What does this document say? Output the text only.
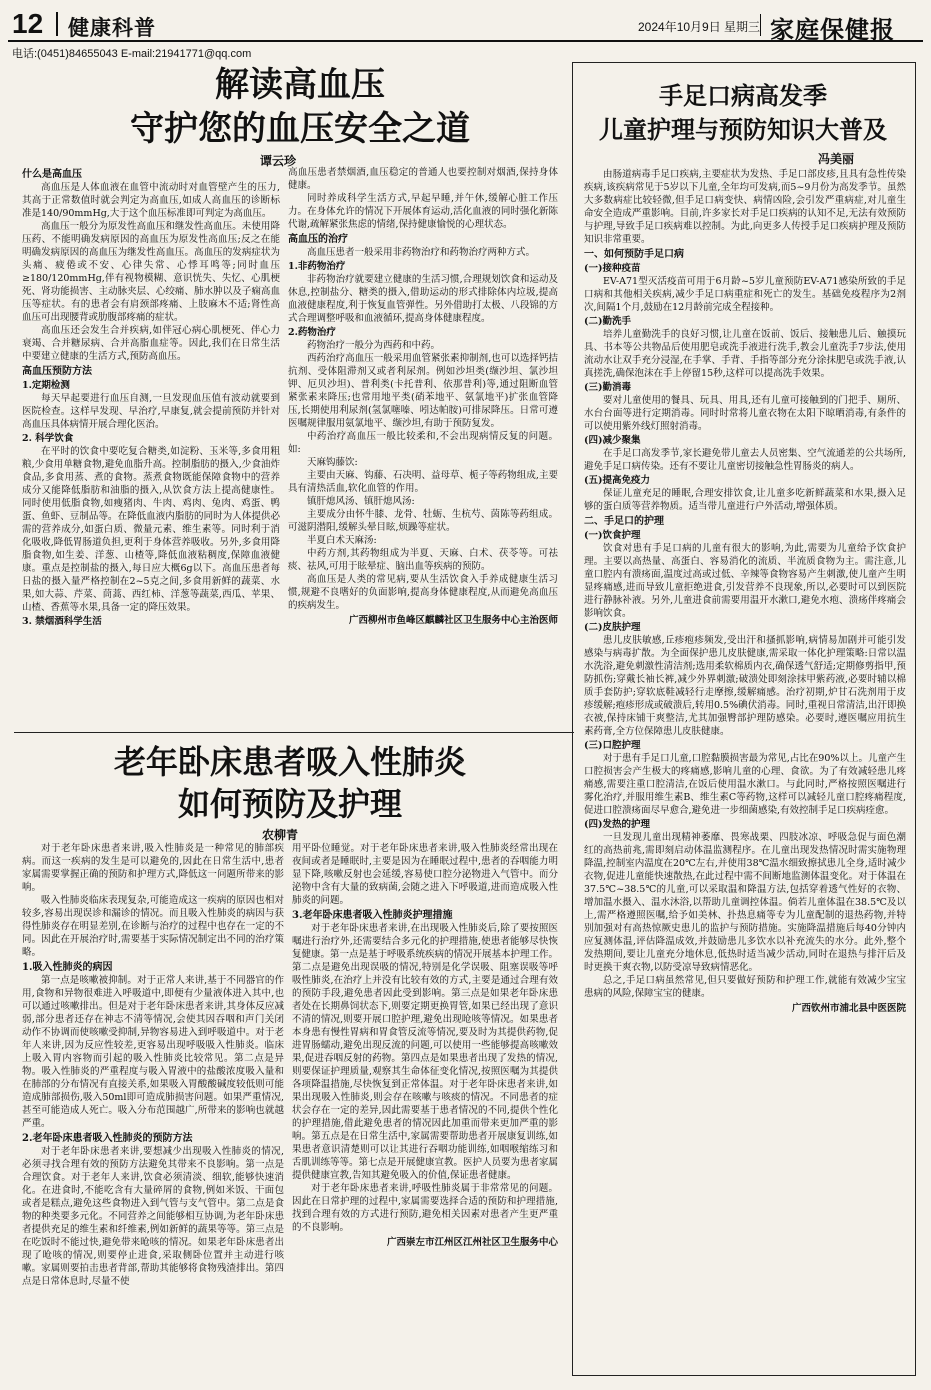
12 健康科普	2024年10月9日 星期三 家庭保健报
电话:(0451)84655043 E-mail:21941771@qq.com
解读高血压
守护您的血压安全之道
谭云珍
什么是高血压

高血压是人体血液在血管中流动时对血管壁产生的压力,其高于正常数值时就会判定为高血压,如成人高血压的诊断标准是140/90mmHg,大于这个血压标准即可判定为高血压。

高血压一般分为原发性高血压和继发性高血压。未使用降压药、不能明确发病原因的高血压为原发性高血压;反之在能明确发病原因的高血压为继发性高血压。高血压的发病症状为头痛、疲倦或不安、心律失常、心悸耳鸣等;同时血压≥180/120mmHg,伴有视物模糊、意识恍失、失忆、心肌梗死、肾功能损害、主动脉夹层、心绞痛、肺水肿以及子痫高血压等症状。有的患者会有肩颈部疼痛、上肢麻木不适;肾性高血压可出现腰背或肋腹部疼痛的症状。

高血压还会发生合并疾病,如伴冠心病心肌梗死、伴心力衰竭、合并糖尿病、合并高脂血症等。因此,我们在日常生活中要建立健康的生活方式,预防高血压。

高血压预防方法
1.定期检测

每天早起要进行血压自测,一旦发现血压值有波动就要到医院检查。这样早发现、早治疗,早康复,就会提前预防并针对高血压具体病情开展合理化医治。

2. 科学饮食

在平时的饮食中要吃复合糖类,如淀粉、玉米等,多食用粗粮,少食用单糖食物,避免血脂升高。控制脂肪的摄入,少食油炸食品,多食用蒸、煮的食物。蒸煮食物既能保障食物中的营养成分又能降低脂肪和油脂的摄入,从饮食方法上提高健康性。同时使用低脂食物,如瘦猪肉、牛肉、鸡肉、兔肉、鸡蛋、鸭蛋、鱼虾、豆制品等。在降低血液内脂肪的同时为人体提供必需的营养成分,如蛋白质、微量元素、维生素等。同时利于消化吸收,降低胃肠道负担,更利于身体营养吸收。另外,多食用降脂食物,如生姜、洋葱、山楂等,降低血液粘稠度,保障血液健康。重点是控制盐的摄入,每日应大概6g以下。高血压患者每日盐的摄入量严格控制在2~5克之间,多食用新鲜的蔬菜、水果,如大蒜、芹菜、茼蒿、西红柿、洋葱等蔬菜,西瓜、苹果、山楂、香蕉等水果,具备一定的降压效果。

3. 禁烟酒科学生活

高血压患者禁烟酒,血压稳定的普通人也要控制对烟酒,保持身体健康。

同时养成科学生活方式,早起早睡,并午休,缓解心脏工作压力。在身体允许的情况下开展体育运动,活化血液的同时强化新陈代谢,疏解紧张焦虑的情绪,保持健康愉悦的心理状态。

高血压的治疗

高血压患者一般采用非药物治疗和药物治疗两种方式。

1.非药物治疗

非药物治疗就要建立健康的生活习惯,合理规划饮食和运动及休息,控制盐分、糖类的摄入,借助运动的形式排除体内垃圾,提高血液健康程度,利于恢复血管弹性。另外借助打太极、八段锦的方式合理调整呼吸和血液循环,提高身体健康程度。

2.药物治疗

药物治疗一般分为西药和中药。

西药治疗高血压一般采用血管紧张素抑制剂,也可以选择钙拮抗剂、受体阻滞剂又或者利尿剂。例如沙坦类(缬沙坦、氯沙坦钾、厄贝沙坦)、普利类(卡托普利、依那普利)等,通过阻断血管紧张素来降压;也常用地平类(硝苯地平、氨氯地平)扩张血管降压,长期使用利尿剂(氢氯噻嗪、吲达帕胺)可排尿降压。日常可遵医嘱规律服用氨氯地平、缬沙坦,有助于预防复发。

中药治疗高血压一般比较柔和,不会出现病情反复的问题。如:

天麻钩藤饮:

主要由天麻、钩藤、石决明、益母草、栀子等药物组成,主要具有清热活血,软化血管的作用。

镇肝熄风汤、镇肝熄风汤:

主要成分由怀牛膝、龙骨、牡蛎、生杭芍、茵陈等药组成。可滋阴潜阳,缓解头晕目眩,烦躁等症状。

半夏白术天麻汤:

中药方剂,其药物组成为半夏、天麻、白术、茯苓等。可祛痰、祛风,可用于眩晕症、脑出血等疾病的预防。

高血压是人类的常见病,要从生活饮食入手养成健康生活习惯,规避不良嗜好的负面影响,提高身体健康程度,从而避免高血压的疾病发生。

广西柳州市鱼峰区麒麟社区卫生服务中心主治医师

老年卧床患者吸入性肺炎
如何预防及护理
农柳青

对于老年卧床患者来讲,吸入性肺炎是一种常见的肺部疾病。而这一疾病的发生是可以避免的,因此在日常生活中,患者家属需要掌握正确的预防和护理方式,降低这一问题所带来的影响。

吸入性肺炎临床表现复杂,可能造成这一疾病的原因也相对较多,容易出现误诊和漏诊的情况。而且吸入性肺炎的病因与获得性肺炎存在明显差别,在诊断与治疗的过程中也存在一定的不同。因此在开展治疗时,需要基于实际情况制定出不同的治疗策略。

1.吸入性肺炎的病因

第一点是咳嗽被抑制。对于正常人来讲,基于不同器官的作用,食物和异物很难进入呼吸道中,即便有少量液体进入其中,也可以通过咳嗽排出。但是对于老年卧床患者来讲,其身体反应减弱,部分患者还存在神志不清等情况,会使其因吞咽和声门关闭动作不协调而使咳嗽受抑制,异物容易进入到呼吸道中。对于老年人来讲,因为反应性较差,更容易出现呼吸吸入性肺炎。临床上吸入胃内容物而引起的吸入性肺炎比较常见。第二点是异物。吸入性肺炎的严重程度与吸入胃液中的盐酸浓度吸入量和在肺部的分布情况有直接关系,如果吸入胃酸酸碱度较低则可能造成肺部损伤,吸入50ml即可造成肺损害问题。如果严重情况,甚至可能造成人死亡。吸入分布范围越广,所带来的影响也就越严重。

2.老年卧床患者吸入性肺炎的预防方法

对于老年卧床患者来讲,要想减少出现吸入性肺炎的情况,必须寻找合理有效的预防方法避免其带来不良影响。第一点是合理饮食。对于老年人来讲,饮食必须清淡、细软,能够快速消化。在进食时,不能吃含有大量碎屑的食物,例如米饭、干面包或者是糕点,避免这些食物进入到气管与支气管中。第二点是食物的种类要多元化。不同营养之间能够相互协调,为老年卧床患者提供充足的维生素和纤维素,例如新鲜的蔬果等等。第三点是在吃饭时不能过快,避免带来呛咳的情况。如果老年卧床患者出现了呛咳的情况,则要停止进食,采取侧卧位置并主动进行咳嗽。家属则要拍击患者背部,帮助其能够将食物残渣排出。第四点是日常体息时,尽量不使

用平卧位睡觉。对于老年卧床患者来讲,吸入性肺炎经常出现在夜间或者是睡眠时,主要是因为在睡眠过程中,患者的吞咽能力明显下降,咳嗽反射也会延缓,容易使口腔分泌物进入气管中。而分泌物中含有大量的致病菌,会随之进入下呼吸道,进而造成吸入性肺炎的问题。

3.老年卧床患者吸入性肺炎护理措施

对于老年卧床患者来讲,在出现吸入性肺炎后,除了要按照医嘱进行治疗外,还需要结合多元化的护理措施,使患者能够尽快恢复健康。第一点是基于呼吸系统疾病的情况开展基本护理工作。第二点是避免出现误吸的情况,特别是化学误吸、阻塞误吸等呼吸性肺炎,在治疗上并没有比较有效的方式,主要是通过合理有效的预防手段,避免患者因此受到影响。第三点是如果老年卧床患者处在长期鼻饲状态下,则要定期更换胃管,如果已经出现了意识不清的情况,则要开展口腔护理,避免出现呛咳等情况。如果患者本身患有慢性胃病和胃食管反流等情况,要及时为其提供药物,促进胃肠蠕动,避免出现反流的问题,可以使用一些能够提高咳嗽效果,促进吞咽反射的药物。第四点是如果患者出现了发热的情况,则要保证护理质量,观察其生命体征变化情况,按照医嘱为其提供各项降温措施,尽快恢复到正常体温。对于老年卧床患者来讲,如果出现吸入性肺炎,则会存在咳嗽与咳痰的情况。不同患者的症状会存在一定的差异,因此需要基于患者情况的不同,提供个性化的护理措施,借此避免患者的情况因此加重而带来更加严重的影响。第五点是在日常生活中,家属需要帮助患者开展康复训练,如果患者意识清楚则可以让其进行吞咽功能训练,如咽喉缩练习和舌肌训练等等。第七点是开展健康宣教。医护人员要为患者家属提供健康宣教,告知其避免吸入的价值,保证患者健康。

对于老年卧床患者来讲,呼吸性肺炎属于非常常见的问题。因此在日常护理的过程中,家属需要选择合适的预防和护理措施,找到合理有效的方式进行预防,避免相关因素对患者产生更严重的不良影响。

广西崇左市江州区江州社区卫生服务中心

手足口病高发季
儿童护理与预防知识大普及
冯美丽

由肠道病毒手足口疾病,主要症状为发热、手足口部皮疹,且具有急性传染疾病,该疾病常见于5岁以下儿童,全年均可发病,而5~9月份为高发季节。虽然大多数病症比较轻微,但手足口病变快、病情凶险,会引发严重病症,对儿童生命安全造成严重影响。目前,许多家长对手足口疾病的认知不足,无法有效预防与护理,导致手足口疾病难以控制。为此,向更多人传授手足口疾病护理及预防知识非常重要。

一、如何预防手足口病
(一)接种疫苗

EV-A71型灭活疫苗可用于6月龄~5岁儿童预防EV-A71感染所致的手足口病和其他相关疾病,减少手足口病重症和死亡的发生。基础免疫程序为2剂次,间隔1个月,鼓励在12月龄前完成全程接种。

(二)勤洗手

培养儿童勤洗手的良好习惯,让儿童在饭前、饭后、接触患儿后、触摸玩具、书本等公共物品后使用肥皂或洗手液进行洗手,教会儿童洗手7步法,使用流动水让双手充分浸湿,在手掌、手背、手指等部分充分涂抹肥皂或洗手液,认真搓洗,确保泡沫在手上停留15秒,这样可以提高洗手效果。

(三)勤消毒

要对儿童使用的餐具、玩具、用具,还有儿童可接触到的门把手、厕所、水台台面等进行定期消毒。同时时常将儿童衣物在太阳下晾晒消毒,有条件的可以使用紫外线灯照射消毒。

(四)减少聚集

在手足口高发季节,家长避免带儿童去人员密集、空气流通差的公共场所,避免手足口病传染。还有不要让儿童密切接触急性胃肠炎的病人。

(五)提高免疫力

保证儿童充足的睡眠,合理安排饮食,让儿童多吃新鲜蔬菜和水果,摄入足够的蛋白质等营养物质。适当带儿童进行户外活动,增强体质。

二、手足口的护理
(一)饮食护理

饮食对患有手足口病的儿童有很大的影响,为此,需要为儿童给予饮食护理。主要以高热量、高蛋白、容易消化的流质、半流质食物为主。需注意,儿童口腔内有溃疡面,温度过高或过低、辛辣等食物容易产生刺激,使儿童产生明显疼痛感,进而导致儿童拒绝进食,引发营养不良现象,所以,必要时可以到医院进行静脉补液。另外,儿童进食前需要用温开水漱口,避免水疱、溃疡伴疼痛会影响饮食。

(二)皮肤护理

患儿皮肤敏感,丘疹疱疹频发,受出汗和搔抓影响,病情易加剧并可能引发感染与病毒扩散。为全面保护患儿皮肤健康,需采取一体化护理策略:日常以温水洗浴,避免刺激性清洁剂;选用柔软棉质内衣,确保透气舒适;定期修剪指甲,预防抓伤;穿戴长袖长裤,减少外界刺激;破溃处即刻涂抹甲紫药液,必要时辅以棉质手套防护;穿软底鞋减轻行走摩擦,缓解痛感。治疗初期,炉甘石洗剂用于皮疹缓解;疱疹形成或破溃后,转用0.5%碘伏消毒。同时,重视日常清洁,出汗即换衣被,保持床铺干爽整洁,尤其加强臀部护理防感染。必要时,遵医嘱应用抗生素药膏,全方位保障患儿皮肤健康。

(三)口腔护理

对于患有手足口儿童,口腔黏膜损害最为常见,占比在90%以上。儿童产生口腔损害会产生极大的疼痛感,影响儿童的心理、食欲。为了有效减轻患儿疼痛感,需要注重口腔清洁,在饭后使用温水漱口。与此同时,严格按照医嘱进行雾化治疗,并服用维生素B、维生素C等药物,这样可以减轻儿童口腔疼痛程度,促进口腔溃疡面尽早愈合,避免进一步细菌感染,有效控制手足口疾病痊愈。

(四)发热的护理

一旦发现儿童出现精神萎靡、畏寒战栗、四肢冰凉、呼吸急促与面色潮红的高热前兆,需即刻启动体温监测程序。在儿童出现发热情况时需实施物理降温,控制室内温度在20℃左右,并使用38℃温水细致擦拭患儿全身,适时减少衣物,促进儿童能快速散热,在此过程中需不间断地监测体温变化。对于体温在37.5℃~38.5℃的儿童,可以采取温和降温方法,包括穿着透气性好的衣物、增加温水摄入、温水沐浴,以帮助儿童调控体温。倘若儿童体温在38.5℃及以上,需严格遵照医嘱,给予如美林、扑热息痛等专为儿童配制的退热药物,并特别加强对有高热惊厥史患儿的监护与预防措施。实施降温措施后每40分钟内应复测体温,评估降温成效,并鼓励患儿多饮水以补充流失的水分。此外,整个发热期间,要让儿童充分地休息,低热时适当减少活动,同时在退热与排汗后及时更换干爽衣物,以防受凉导致病情恶化。

总之,手足口病虽然常见,但只要做好预防和护理工作,就能有效减少宝宝患病的风险,保障宝宝的健康。

广西钦州市浦北县中医医院
